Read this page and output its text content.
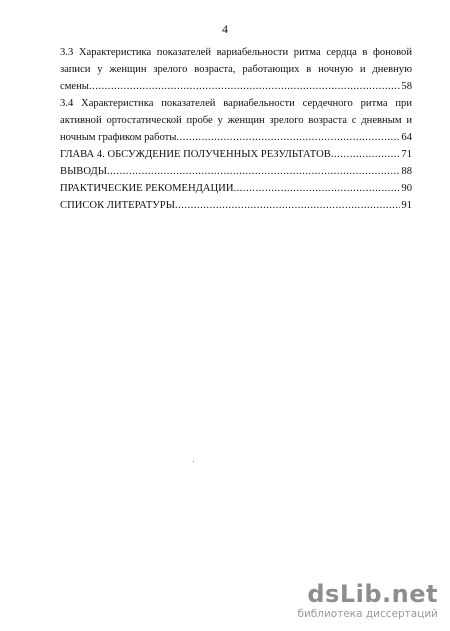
4
3.3 Характеристика показателей вариабельности ритма сердца в фоновой
записи у женщин зрелого возраста, работающих в ночную и дневную
смены .....	58
3.4 Характеристика показателей вариабельности сердечного ритма при
активной ортостатической пробе у женщин зрелого возраста с дневным и
ночным графиком работы .....	64
ГЛАВА 4. ОБСУЖДЕНИЕ ПОЛУЧЕННЫХ РЕЗУЛЬТАТОВ .....	71
ВЫВОДЫ .....	88
ПРАКТИЧЕСКИЕ РЕКОМЕНДАЦИИ .....	90
СПИСОК ЛИТЕРАТУРЫ .....	91
dsLib.net
библиотека диссертаций
